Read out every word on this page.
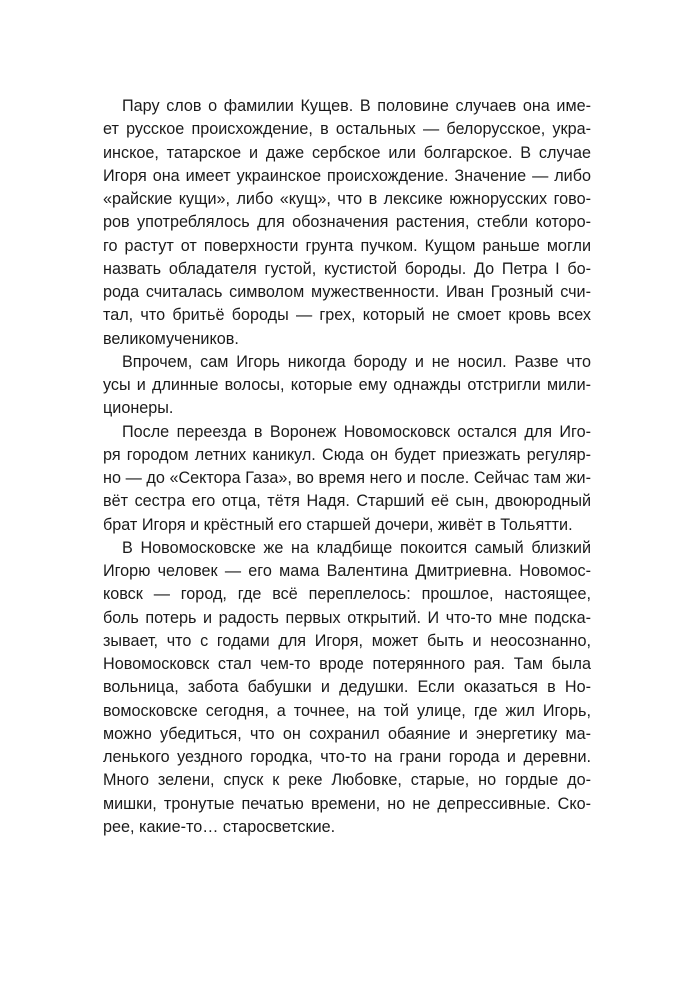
Пару слов о фамилии Кущев. В половине случаев она име-
ет русское происхождение, в остальных — белорусское, укра-
инское, татарское и даже сербское или болгарское. В случае
Игоря она имеет украинское происхождение. Значение — либо
«райские кущи», либо «кущ», что в лексике южнорусских гово-
ров употреблялось для обозначения растения, стебли которо-
го растут от поверхности грунта пучком. Кущом раньше могли
назвать обладателя густой, кустистой бороды. До Петра I бо-
рода считалась символом мужественности. Иван Грозный счи-
тал, что бритьё бороды — грех, который не смоет кровь всех
великомучеников.

Впрочем, сам Игорь никогда бороду и не носил. Разве что
усы и длинные волосы, которые ему однажды отстригли мили-
ционеры.

После переезда в Воронеж Новомосковск остался для Иго-
ря городом летних каникул. Сюда он будет приезжать регуляр-
но — до «Сектора Газа», во время него и после. Сейчас там жи-
вёт сестра его отца, тётя Надя. Старший её сын, двоюродный
брат Игоря и крёстный его старшей дочери, живёт в Тольятти.

В Новомосковске же на кладбище покоится самый близкий
Игорю человек — его мама Валентина Дмитриевна. Новомос-
ковск — город, где всё переплелось: прошлое, настоящее,
боль потерь и радость первых открытий. И что-то мне подска-
зывает, что с годами для Игоря, может быть и неосознанно,
Новомосковск стал чем-то вроде потерянного рая. Там была
вольница, забота бабушки и дедушки. Если оказаться в Но-
вомосковске сегодня, а точнее, на той улице, где жил Игорь,
можно убедиться, что он сохранил обаяние и энергетику ма-
ленького уездного городка, что-то на грани города и деревни.
Много зелени, спуск к реке Любовке, старые, но гордые до-
мишки, тронутые печатью времени, но не депрессивные. Ско-
рее, какие-то… старосветские.
